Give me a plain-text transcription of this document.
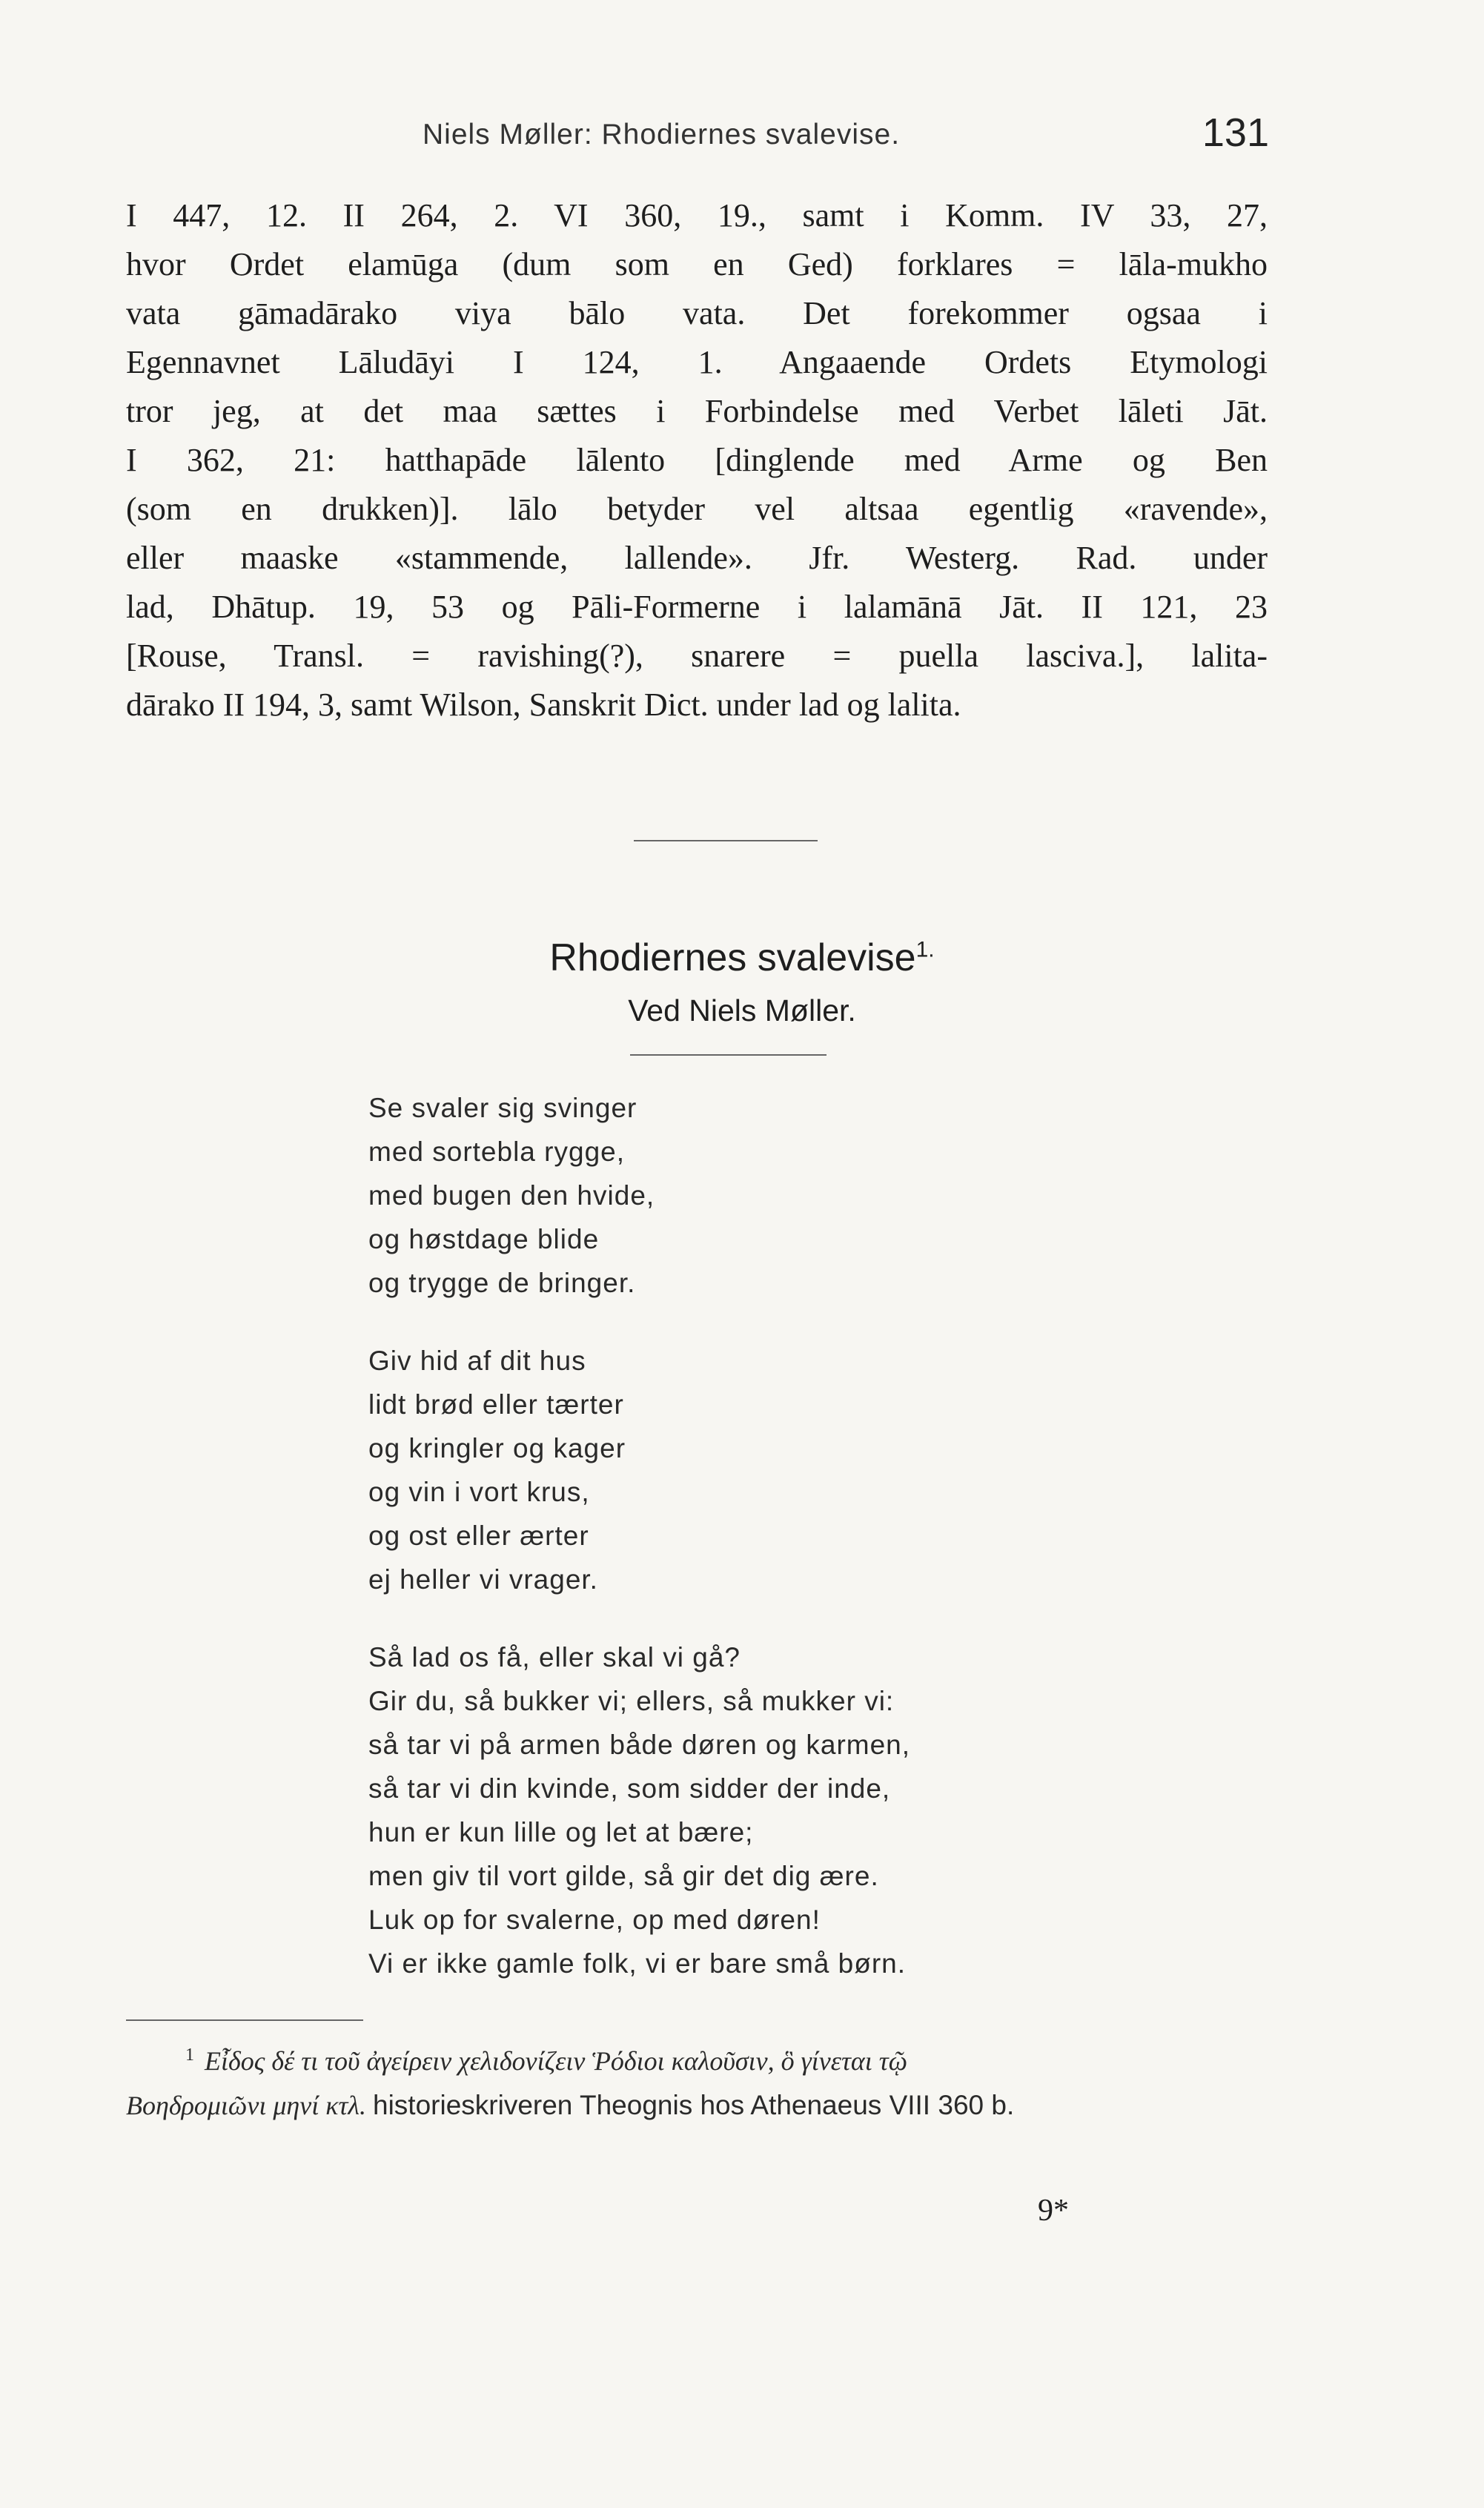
Niels Møller: Rhodiernes svalevise.	131
I 447, 12. II 264, 2. VI 360, 19., samt i Komm. IV 33, 27,
hvor Ordet elamūga (dum som en Ged) forklares = lāla-mukho
vata gāmadārako viya bālo vata. Det forekommer ogsaa i
Egennavnet Lāludāyi I 124, 1. Angaaende Ordets Etymologi
tror jeg, at det maa sættes i Forbindelse med Verbet lāleti Jāt.
I 362, 21: hatthapāde lālento [dinglende med Arme og Ben
(som en drukken)]. lālo betyder vel altsaa egentlig «ravende»,
eller maaske «stammende, lallende». Jfr. Westerg. Rad. under
lad, Dhātup. 19, 53 og Pāli-Formerne i lalamānā Jāt. II 121, 23
[Rouse, Transl. = ravishing(?), snarere = puella lasciva.], lalita-
dārako II 194, 3, samt Wilson, Sanskrit Dict. under lad og lalita.
Rhodiernes svalevise$^{1.}$
Ved Niels Møller.
Se svaler sig svinger
med sortebla rygge,
med bugen den hvide,
og høstdage blide
og trygge de bringer.
Giv hid af dit hus
lidt brød eller tærter
og kringler og kager
og vin i vort krus,
og ost eller ærter
ej heller vi vrager.
Så lad os få, eller skal vi gå?
Gir du, så bukker vi; ellers, så mukker vi:
så tar vi på armen både døren og karmen,
så tar vi din kvinde, som sidder der inde,
hun er kun lille og let at bære;
men giv til vort gilde, så gir det dig ære.
Luk op for svalerne, op med døren!
Vi er ikke gamle folk, vi er bare små børn.
$^1$ Εἶδος δέ τι τοῦ ἀγείρειν χελιδονίζειν Ῥόδιοι καλοῦσιν, ὃ γίνεται τῷ
Βοηδρομιῶνι μηνί κτλ. historieskriveren Theognis hos Athenaeus VIII 360 b.
9*
